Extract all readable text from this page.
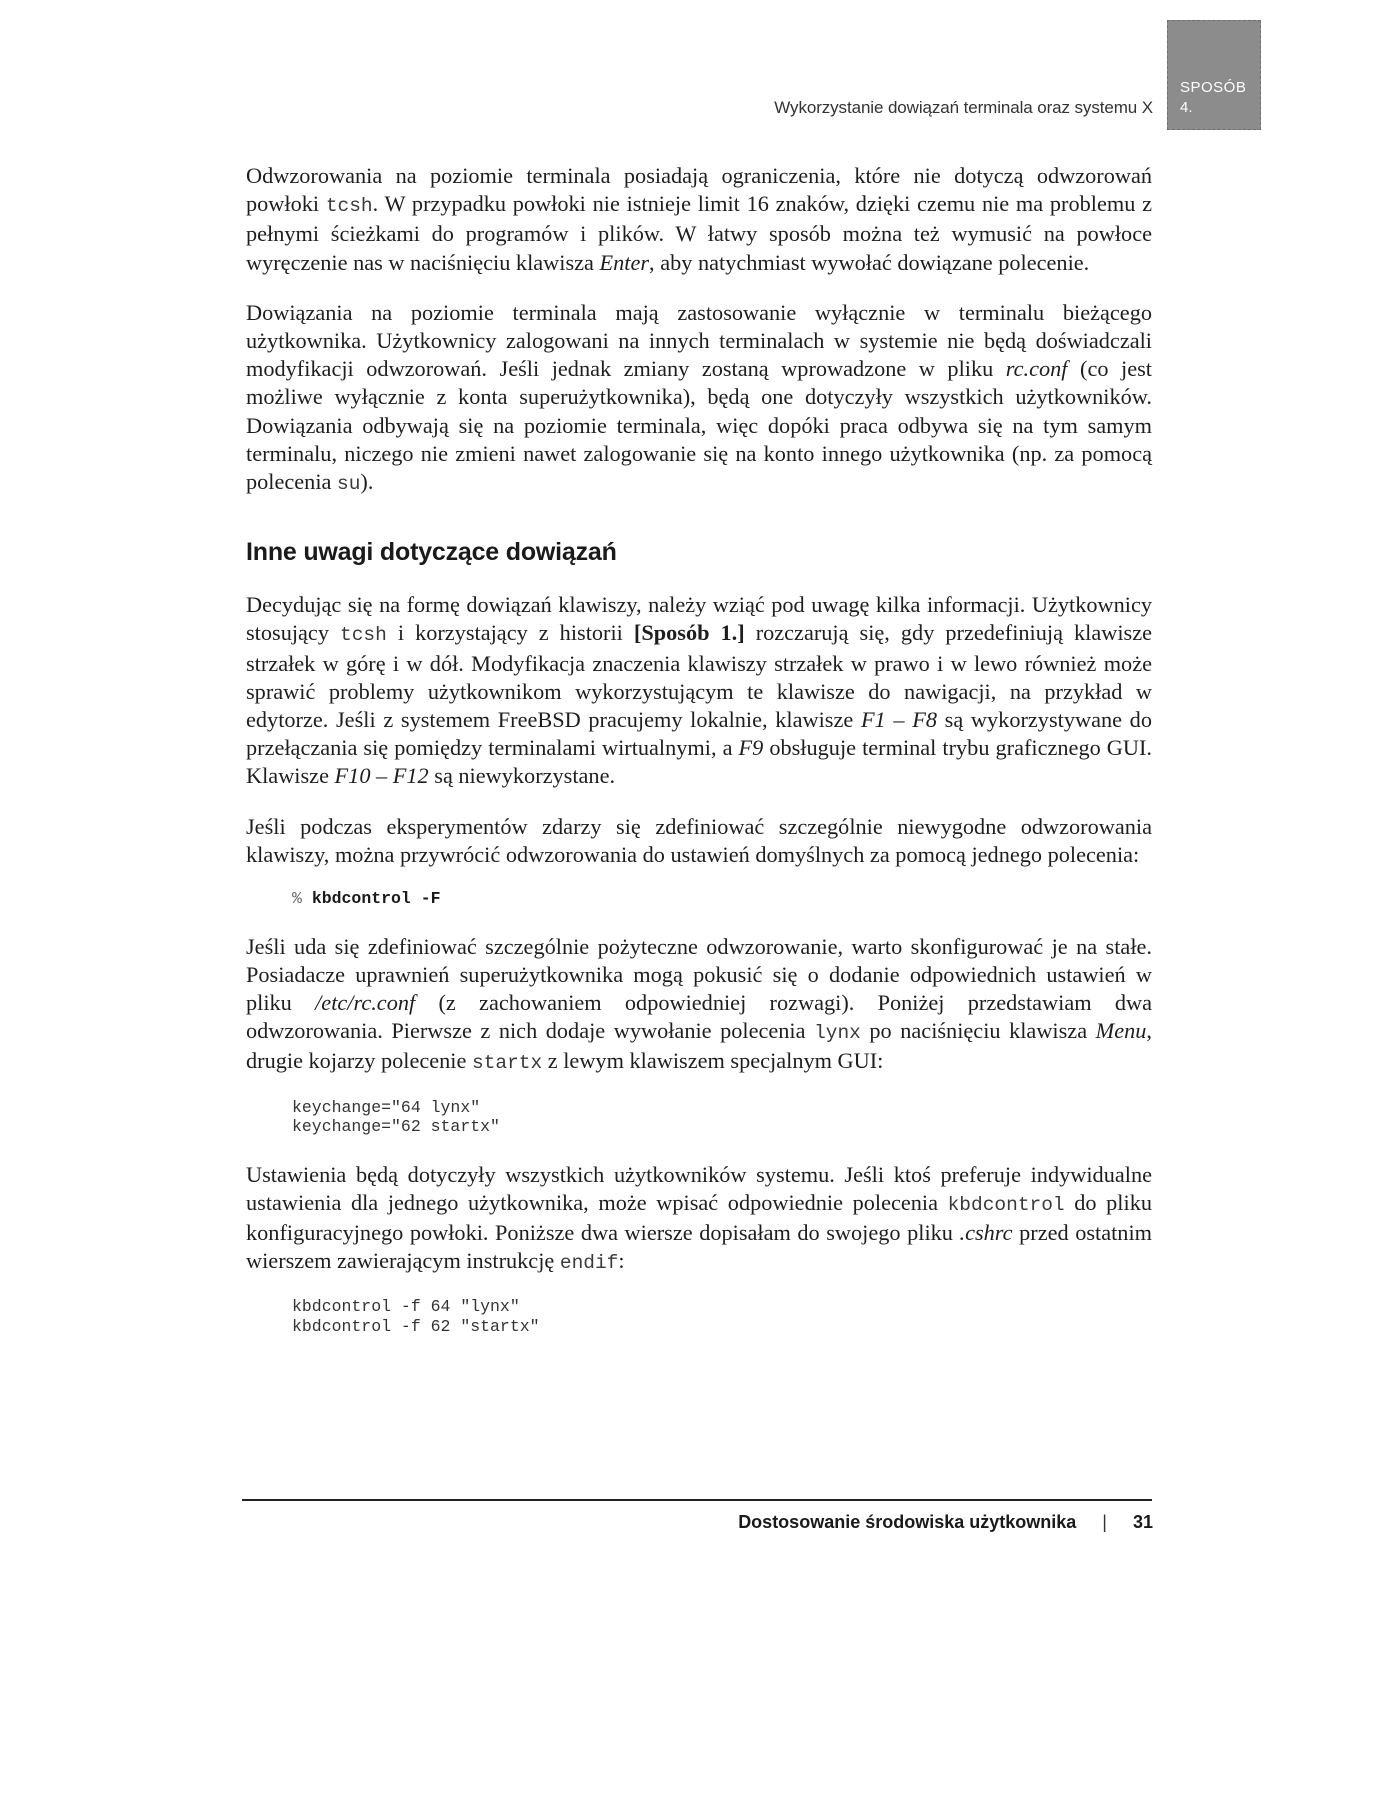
SPOSÓB
4.
Wykorzystanie dowiązań terminala oraz systemu X

Odwzorowania na poziomie terminala posiadają ograniczenia, które nie dotyczą odwzorowań powłoki tcsh. W przypadku powłoki nie istnieje limit 16 znaków, dzięki czemu nie ma problemu z pełnymi ścieżkami do programów i plików. W łatwy sposób można też wymusić na powłoce wyręczenie nas w naciśnięciu klawisza Enter, aby natychmiast wywołać dowiązane polecenie.

Dowiązania na poziomie terminala mają zastosowanie wyłącznie w terminalu bieżącego użytkownika. Użytkownicy zalogowani na innych terminalach w systemie nie będą doświadczali modyfikacji odwzorowań. Jeśli jednak zmiany zostaną wprowadzone w pliku rc.conf (co jest możliwe wyłącznie z konta superużytkownika), będą one dotyczyły wszystkich użytkowników. Dowiązania odbywają się na poziomie terminala, więc dopóki praca odbywa się na tym samym terminalu, niczego nie zmieni nawet zalogowanie się na konto innego użytkownika (np. za pomocą polecenia su).

Inne uwagi dotyczące dowiązań

Decydując się na formę dowiązań klawiszy, należy wziąć pod uwagę kilka informacji. Użytkownicy stosujący tcsh i korzystający z historii [Sposób 1.] rozczarują się, gdy przedefiniują klawisze strzałek w górę i w dół. Modyfikacja znaczenia klawiszy strzałek w prawo i w lewo również może sprawić problemy użytkownikom wykorzystującym te klawisze do nawigacji, na przykład w edytorze. Jeśli z systemem FreeBSD pracujemy lokalnie, klawisze F1 – F8 są wykorzystywane do przełączania się pomiędzy terminalami wirtualnymi, a F9 obsługuje terminal trybu graficznego GUI. Klawisze F10 – F12 są niewykorzystane.

Jeśli podczas eksperymentów zdarzy się zdefiniować szczególnie niewygodne odwzorowania klawiszy, można przywrócić odwzorowania do ustawień domyślnych za pomocą jednego polecenia:

% kbdcontrol -F

Jeśli uda się zdefiniować szczególnie pożyteczne odwzorowanie, warto skonfigurować je na stałe. Posiadacze uprawnień superużytkownika mogą pokusić się o dodanie odpowiednich ustawień w pliku /etc/rc.conf (z zachowaniem odpowiedniej rozwagi). Poniżej przedstawiam dwa odwzorowania. Pierwsze z nich dodaje wywołanie polecenia lynx po naciśnięciu klawisza Menu, drugie kojarzy polecenie startx z lewym klawiszem specjalnym GUI:

keychange="64 lynx"
keychange="62 startx"

Ustawienia będą dotyczyły wszystkich użytkowników systemu. Jeśli ktoś preferuje indywidualne ustawienia dla jednego użytkownika, może wpisać odpowiednie polecenia kbdcontrol do pliku konfiguracyjnego powłoki. Poniższe dwa wiersze dopisałam do swojego pliku .cshrc przed ostatnim wierszem zawierającym instrukcję endif:

kbdcontrol -f 64 "lynx"
kbdcontrol -f 62 "startx"
Dostosowanie środowiska użytkownika | 31
